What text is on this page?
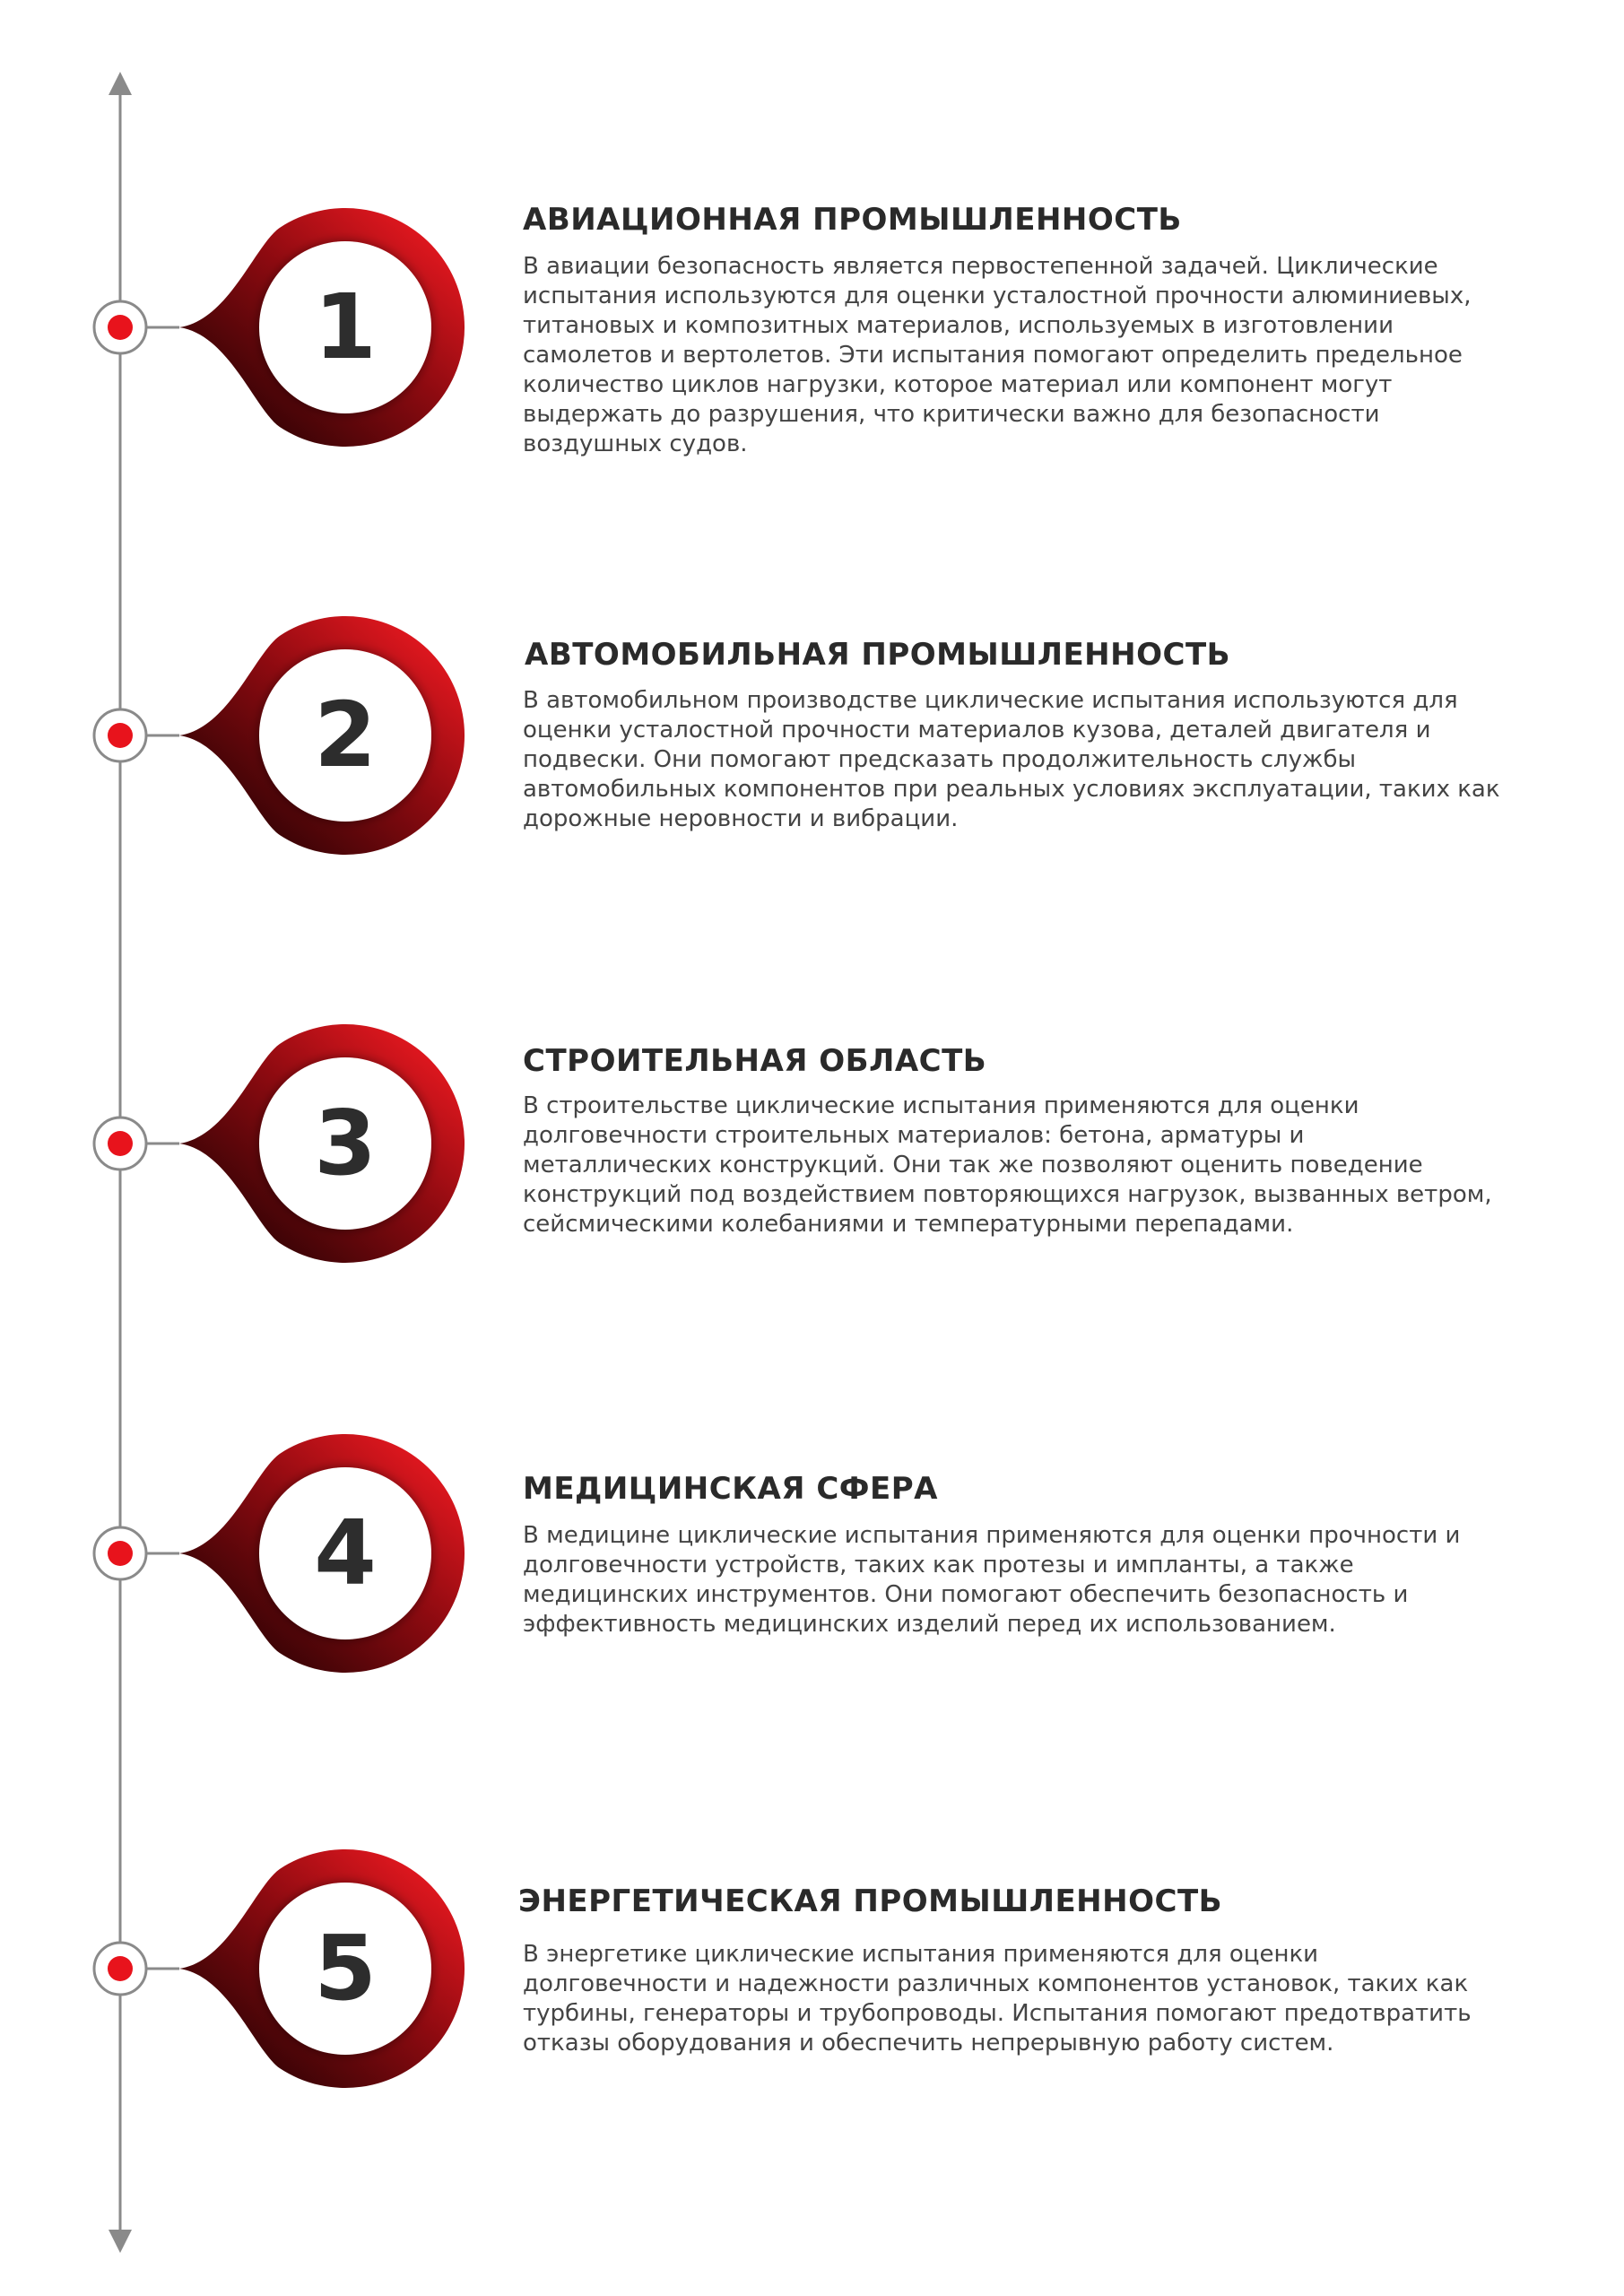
1
2
3
4
5
АВИАЦИОННАЯ ПРОМЫШЛЕННОСТЬ

В авиации безопасность является первостепенной задачей. Циклические испытания используются для оценки усталостной прочности алюминиевых, титановых и композитных материалов, используемых в изготовлении самолетов и вертолетов. Эти испытания помогают определить предельное количество циклов нагрузки, которое материал или компонент могут выдержать до разрушения, что критически важно для безопасности воздушных судов.

АВТОМОБИЛЬНАЯ ПРОМЫШЛЕННОСТЬ

В автомобильном производстве циклические испытания используются для оценки усталостной прочности материалов кузова, деталей двигателя и подвески. Они помогают предсказать продолжительность службы автомобильных компонентов при реальных условиях эксплуатации, таких как дорожные неровности и вибрации.

СТРОИТЕЛЬНАЯ ОБЛАСТЬ

В строительстве циклические испытания применяются для оценки долговечности строительных материалов: бетона, арматуры и металлических конструкций. Они так же позволяют оценить поведение конструкций под воздействием повторяющихся нагрузок, вызванных ветром, сейсмическими колебаниями и температурными перепадами.

МЕДИЦИНСКАЯ СФЕРА

В медицине циклические испытания применяются для оценки прочности и долговечности устройств, таких как протезы и импланты, а также медицинских инструментов. Они помогают обеспечить безопасность и эффективность медицинских изделий перед их использованием.

ЭНЕРГЕТИЧЕСКАЯ ПРОМЫШЛЕННОСТЬ

В энергетике циклические испытания применяются для оценки долговечности и надежности различных компонентов установок, таких как турбины, генераторы и трубопроводы. Испытания помогают предотвратить отказы оборудования и обеспечить непрерывную работу систем.
